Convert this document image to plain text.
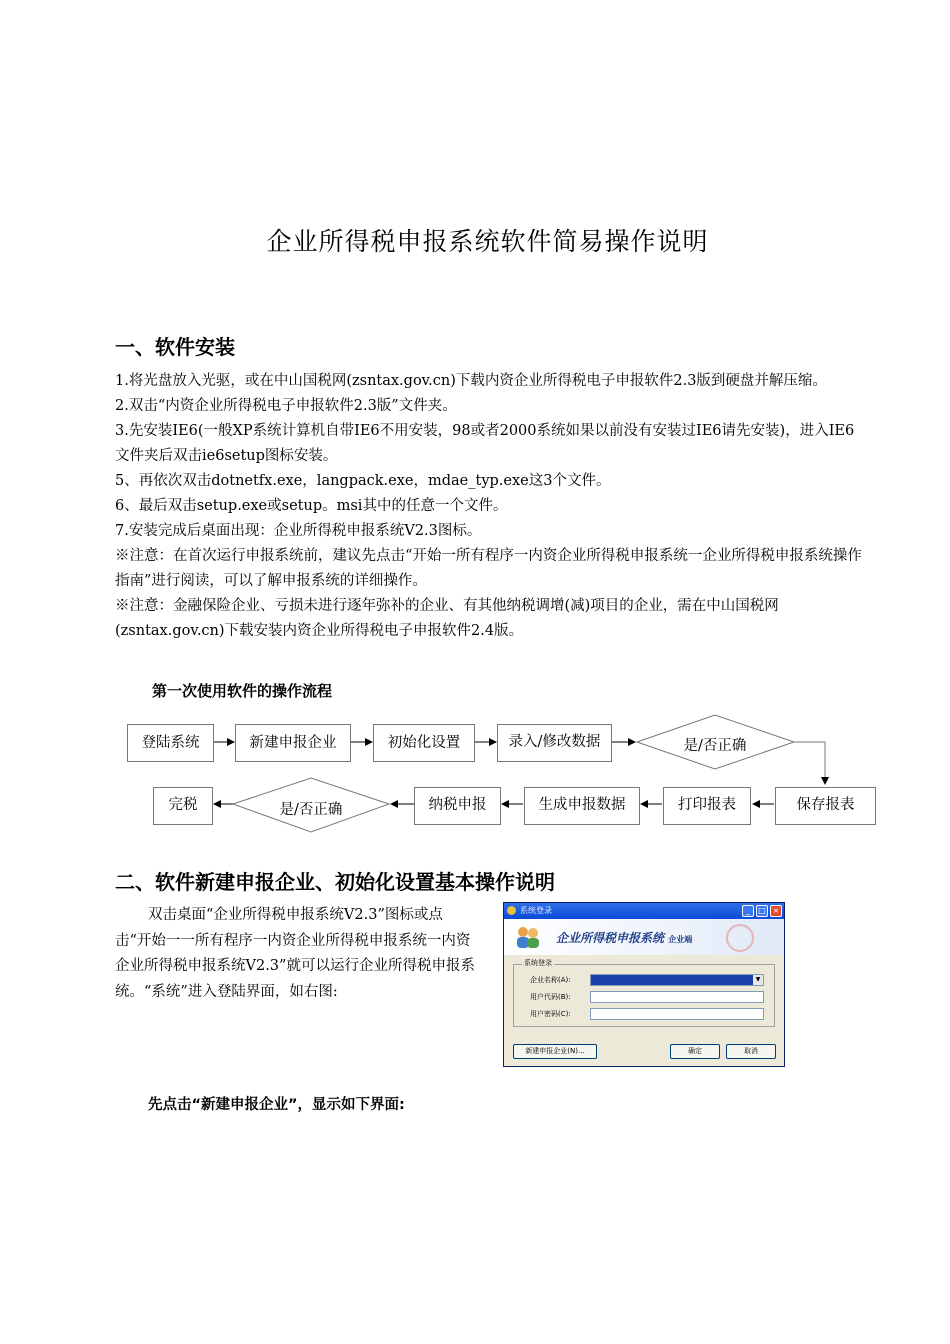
企业所得税申报系统软件简易操作说明
一、软件安装

1.将光盘放入光驱，或在中山国税网(zsntax.gov.cn)下载内资企业所得税电子申报软件2.3版到硬盘并解压缩。

2.双击“内资企业所得税电子申报软件2.3版”文件夹。

3.先安装IE6(一般XP系统计算机自带IE6不用安装，98或者2000系统如果以前没有安装过IE6请先安装)，进入IE6文件夹后双击ie6setup图标安装。

5、再依次双击dotnetfx.exe，langpack.exe，mdae_typ.exe这3个文件。

6、最后双击setup.exe或setup。msi其中的任意一个文件。

7.安装完成后桌面出现：企业所得税申报系统V2.3图标。

※注意：在首次运行申报系统前，建议先点击“开始一所有程序一内资企业所得税申报系统一企业所得税申报系统操作指南”进行阅读，可以了解申报系统的详细操作。

※注意：金融保险企业、亏损未进行逐年弥补的企业、有其他纳税调增(减)项目的企业，需在中山国税网(zsntax.gov.cn)下载安装内资企业所得税电子申报软件2.4版。

第一次使用软件的操作流程
登陆系统	新建申报企业	初始化设置	录入/修改数据	是/否正确
保存报表
打印报表
生成申报数据
纳税申报
是/否正确
完税
二、软件新建申报企业、初始化设置基本操作说明

双击桌面“企业所得税申报系统V2.3”图标或点击“开始一一所有程序一内资企业所得税申报系统一内资企业所得税申报系统V2.3”就可以运行企业所得税申报系统。“系统”进入登陆界面，如右图:

系统登录	_	□ ×
企业所得税申报系统 企业端
系统登录
企业名称(A):	▼
用户代码(B):
用户密码(C):
新建申报企业(N)...	确定	取消
先点击“新建申报企业”，显示如下界面:
